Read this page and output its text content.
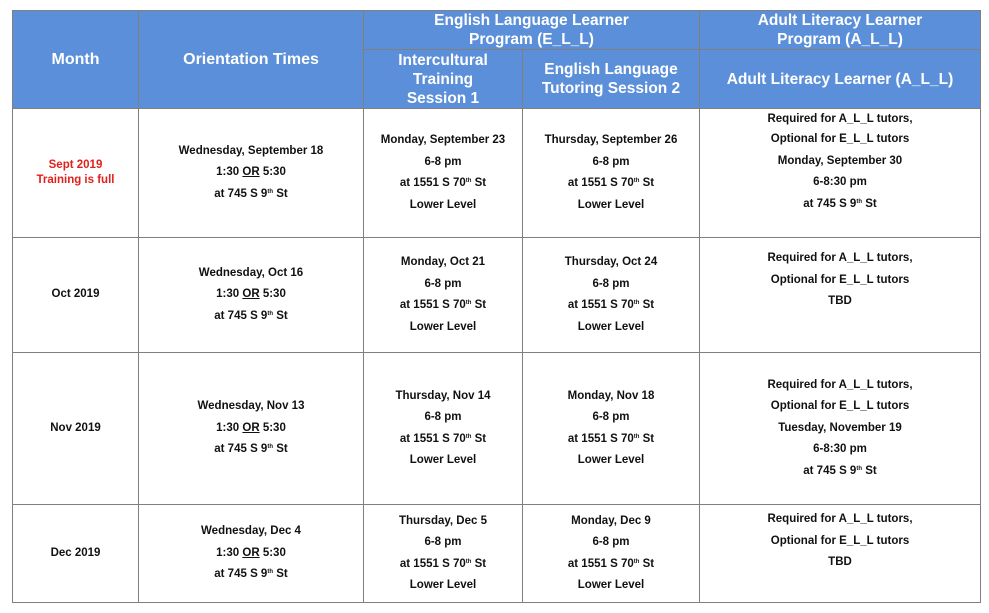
Month	Orientation Times	English Language Learner Program (E_L_L)		Adult Literacy Learner Program (A_L_L)
		Intercultural Training Session 1	English Language Tutoring Session 2	Adult Literacy Learner (A_L_L)

Sept 2019
Training is full	Wednesday, September 18
1:30 OR 5:30
at 745 S 9th St	Monday, September 23
6-8 pm
at 1551 S 70th St
Lower Level	Thursday, September 26
6-8 pm
at 1551 S 70th St
Lower Level	Required for A_L_L tutors,
Optional for E_L_L tutors
Monday, September 30
6-8:30 pm
at 745 S 9th St

Oct 2019	Wednesday, Oct 16
1:30 OR 5:30
at 745 S 9th St	Monday, Oct 21
6-8 pm
at 1551 S 70th St
Lower Level	Thursday, Oct 24
6-8 pm
at 1551 S 70th St
Lower Level	Required for A_L_L tutors,
Optional for E_L_L tutors
TBD

Nov 2019	Wednesday, Nov 13
1:30 OR 5:30
at 745 S 9th St	Thursday, Nov 14
6-8 pm
at 1551 S 70th St
Lower Level	Monday, Nov 18
6-8 pm
at 1551 S 70th St
Lower Level	Required for A_L_L tutors,
Optional for E_L_L tutors
Tuesday, November 19
6-8:30 pm
at 745 S 9th St

Dec 2019	Wednesday, Dec 4
1:30 OR 5:30
at 745 S 9th St	Thursday, Dec 5
6-8 pm
at 1551 S 70th St
Lower Level	Monday, Dec 9
6-8 pm
at 1551 S 70th St
Lower Level	Required for A_L_L tutors,
Optional for E_L_L tutors
TBD
